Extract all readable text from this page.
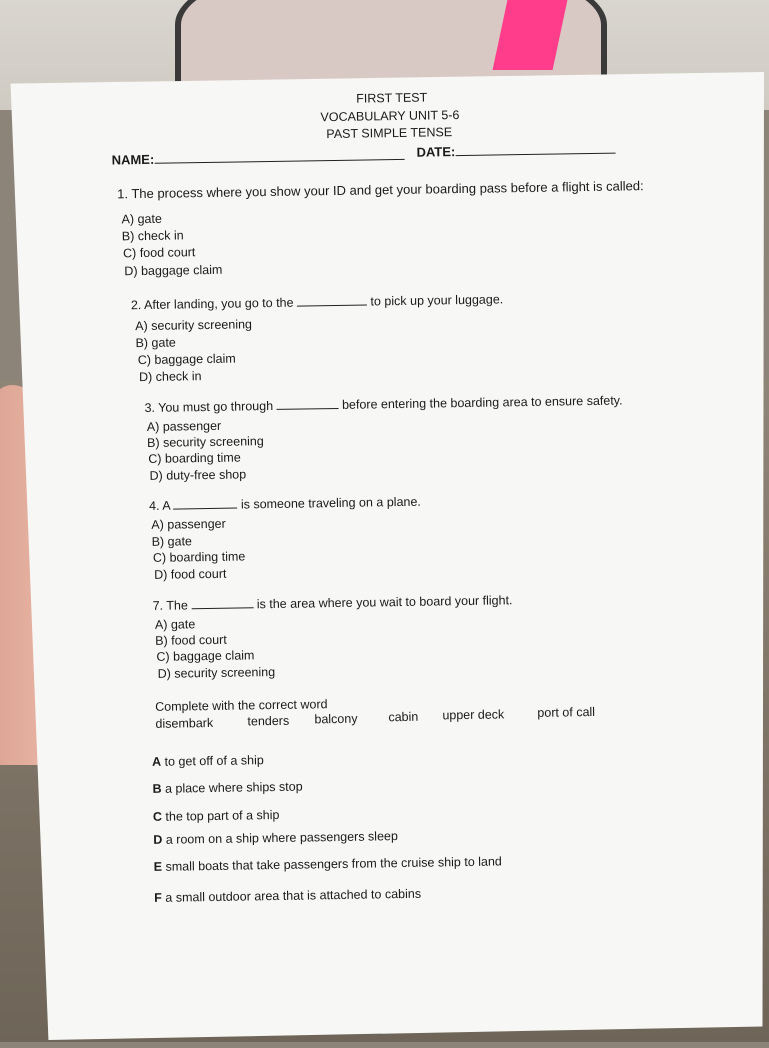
FIRST TEST
VOCABULARY UNIT 5-6
PAST SIMPLE TENSE
NAME:	DATE:
1. The process where you show your ID and get your boarding pass before a flight is called:
A) gate
B) check in
C) food court
D) baggage claim
2. After landing, you go to the	to pick up your luggage.
A) security screening
B) gate
C) baggage claim
D) check in
3. You must go through	before entering the boarding area to ensure safety.
A) passenger
B) security screening
C) boarding time
D) duty-free shop
4. A	is someone traveling on a plane.
A) passenger
B) gate
C) boarding time
D) food court
7. The	is the area where you wait to board your flight.
A) gate
B) food court
C) baggage claim
D) security screening
Complete with the correct word
disembark	tenders balcony cabin upper deck	port of call
A to get off of a ship
B a place where ships stop
C the top part of a ship
D a room on a ship where passengers sleep
E small boats that take passengers from the cruise ship to land
F a small outdoor area that is attached to cabins
